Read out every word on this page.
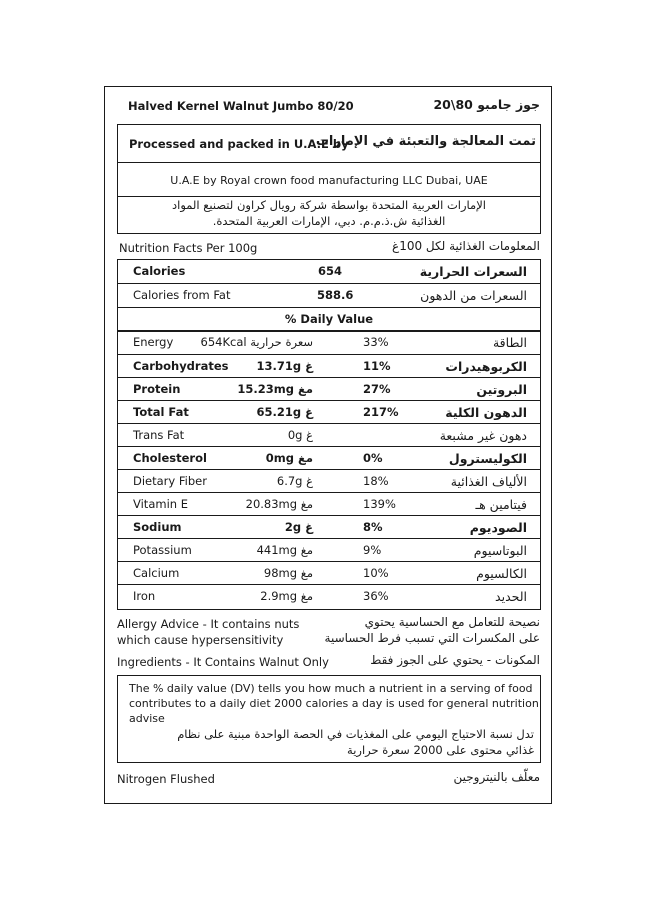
Halved Kernel Walnut Jumbo 80/20	جوز جامبو 80\20
Processed and packed in U.A.E by
تمت المعالجة والتعبئة في الإمارات
U.A.E by Royal crown food manufacturing LLC Dubai, UAE
الإمارات العربية المتحدة بواسطة شركة رويال كراون لتصنيع المواد
الغذائية ش.ذ.م.م. دبي، الإمارات العربية المتحدة.
Nutrition Facts Per 100g	المعلومات الغذائية لكل 100غ
Calories	654	السعرات الحرارية
Calories from Fat	588.6	السعرات من الدهون
% Daily Value
Energy 654Kcal سعرة حرارية	33%	الطاقة
Carbohydrates 13.71g غ	11%	الكربوهيدرات
Protein	15.23mg مغ	27%	البروتين
Total Fat	65.21g غ	217%	الدهون الكلية
Trans Fat	0g غ	دهون غير مشبعة
Cholesterol	0mg مغ	0%	الكوليسترول
Dietary Fiber	6.7g غ	18%	الألياف الغذائية
Vitamin E	20.83mg مغ	139%	فيتامين هـ
Sodium	2g غ	8%	الصوديوم
Potassium	441mg مغ	9%	البوتاسيوم
Calcium	98mg مغ	10%	الكالسيوم
Iron	2.9mg مغ	36%	الحديد
Allergy Advice - It contains nuts
which cause hypersensitivity
نصيحة للتعامل مع الحساسية يحتوي
على المكسرات التي تسبب فرط الحساسية
Ingredients - It Contains Walnut Only	المكونات - يحتوي على الجوز فقط
The % daily value (DV) tells you how much a nutrient in a serving of food
contributes to a daily diet 2000 calories a day is used for general nutrition
advise
تدل نسبة الاحتياج اليومي على المغذيات في الحصة الواحدة مبنية على نظام
غذائي محتوى على 2000 سعرة حرارية
Nitrogen Flushed	معلّف بالنيتروجين
